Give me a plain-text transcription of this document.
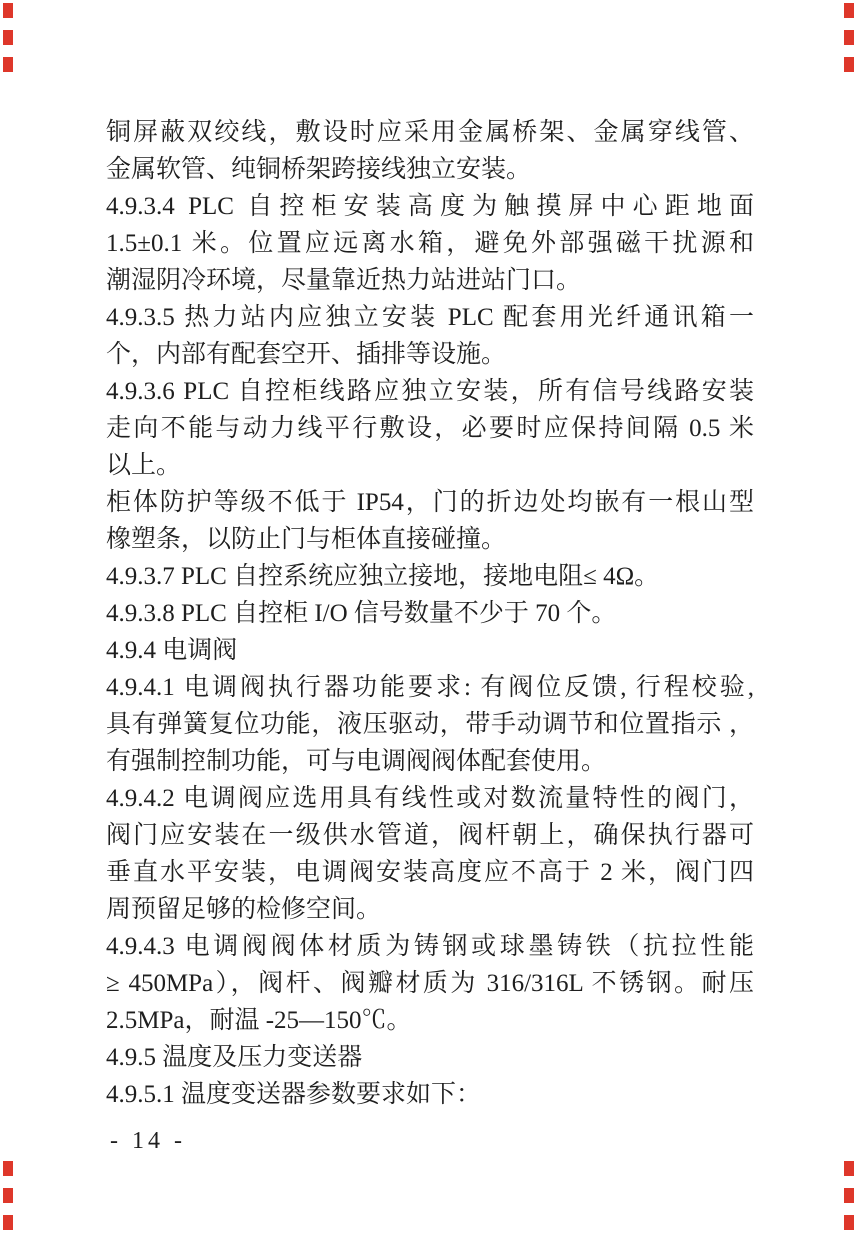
铜屏蔽双绞线，敷设时应采用金属桥架、金属穿线管、
金属软管、纯铜桥架跨接线独立安装。
4.9.3.4 PLC 自控柜安装高度为触摸屏中心距地面
1.5±0.1 米。位置应远离水箱，避免外部强磁干扰源和
潮湿阴冷环境，尽量靠近热力站进站门口。
4.9.3.5 热力站内应独立安装 PLC 配套用光纤通讯箱一
个，内部有配套空开、插排等设施。
4.9.3.6 PLC 自控柜线路应独立安装，所有信号线路安装
走向不能与动力线平行敷设，必要时应保持间隔 0.5 米
以上。
柜体防护等级不低于 IP54，门的折边处均嵌有一根山型
橡塑条，以防止门与柜体直接碰撞。
4.9.3.7 PLC 自控系统应独立接地，接地电阻≤ 4Ω。
4.9.3.8 PLC 自控柜 I/O 信号数量不少于 70 个。
4.9.4 电调阀
4.9.4.1 电调阀执行器功能要求: 有阀位反馈, 行程校验,
具有弹簧复位功能，液压驱动，带手动调节和位置指示 ，
有强制控制功能，可与电调阀阀体配套使用。
4.9.4.2 电调阀应选用具有线性或对数流量特性的阀门，
阀门应安装在一级供水管道，阀杆朝上，确保执行器可
垂直水平安装，电调阀安装高度应不高于 2 米，阀门四
周预留足够的检修空间。
4.9.4.3 电调阀阀体材质为铸钢或球墨铸铁（抗拉性能
≥ 450MPa），阀杆、阀瓣材质为 316/316L 不锈钢。耐压
2.5MPa，耐温 -25—150℃。
4.9.5 温度及压力变送器
4.9.5.1 温度变送器参数要求如下：
- 14 -
